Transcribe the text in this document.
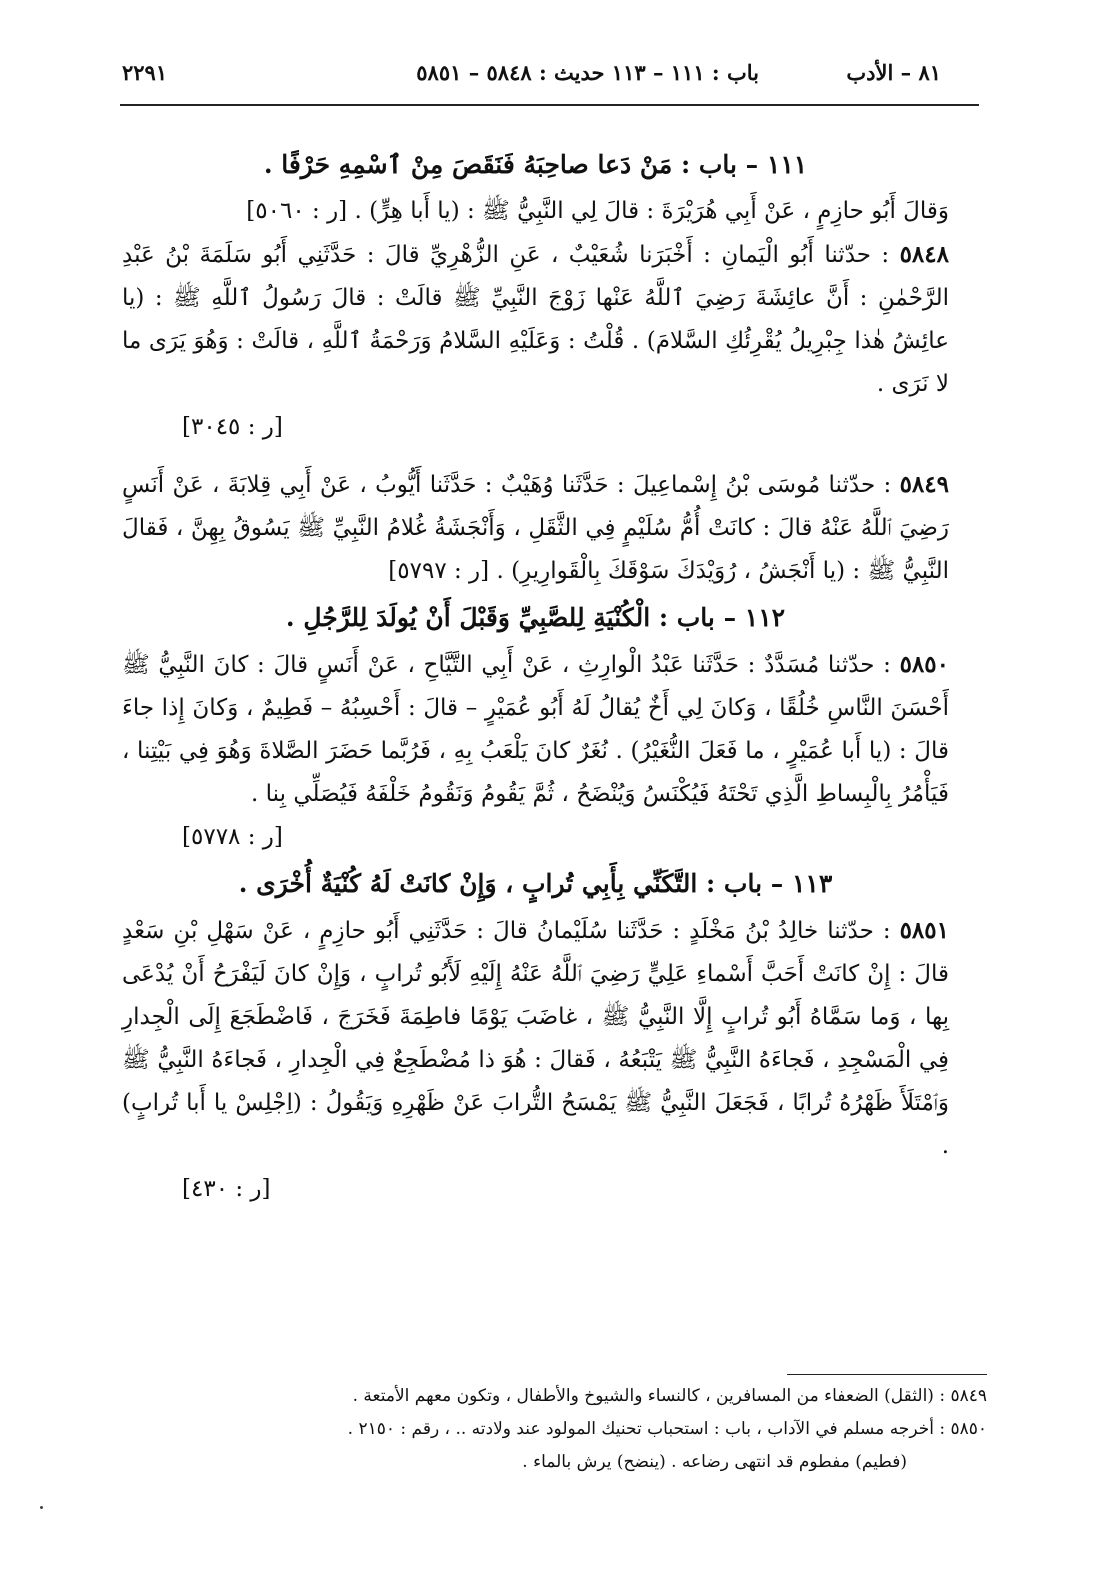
٨١ – الأدب
باب : ١١١ – ١١٣ حديث : ٥٨٤٨ – ٥٨٥١
٢٢٩١

١١١ – باب : مَنْ دَعا صاحِبَهُ فَنَقَصَ مِنْ ٱسْمِهِ حَرْفًا .

وَقالَ أَبُو حازِمٍ ، عَنْ أَبِي هُرَيْرَةَ : قالَ لِي النَّبِيُّ ﷺ : (يا أَبا هِرٍّ) . [ر : ٥٠٦٠]

٥٨٤٨ : حدّثنا أَبُو الْيَمانِ : أَخْبَرَنا شُعَيْبٌ ، عَنِ الزُّهْرِيِّ قالَ : حَدَّثَنِي أَبُو سَلَمَةَ بْنُ عَبْدِ الرَّحْمٰنِ : أَنَّ عائِشَةَ رَضِيَ ٱللَّهُ عَنْها زَوْجَ النَّبِيِّ ﷺ قالَتْ : قالَ رَسُولُ ٱللَّهِ ﷺ : (يا عائِشُ هٰذا جِبْرِيلُ يُقْرِئُكِ السَّلامَ) . قُلْتُ : وَعَلَيْهِ السَّلامُ وَرَحْمَةُ ٱللَّهِ ، قالَتْ : وَهُوَ يَرَى ما لا نَرَى .

[ر : ٣٠٤٥]

٥٨٤٩ : حدّثنا مُوسَى بْنُ إِسْماعِيلَ : حَدَّثَنا وُهَيْبٌ : حَدَّثَنا أَيُّوبُ ، عَنْ أَبِي قِلابَةَ ، عَنْ أَنَسٍ رَضِيَ ٱللَّهُ عَنْهُ قالَ : كانَتْ أُمُّ سُلَيْمٍ فِي الثَّقَلِ ، وَأَنْجَشَةُ غُلامُ النَّبِيِّ ﷺ يَسُوقُ بِهِنَّ ، فَقالَ النَّبِيُّ ﷺ : (يا أَنْجَشُ ، رُوَيْدَكَ سَوْقَكَ بِالْقَوارِيرِ) . [ر : ٥٧٩٧]

١١٢ – باب : الْكُنْيَةِ لِلصَّبِيِّ وَقَبْلَ أَنْ يُولَدَ لِلرَّجُلِ .

٥٨٥٠ : حدّثنا مُسَدَّدٌ : حَدَّثَنا عَبْدُ الْوارِثِ ، عَنْ أَبِي التَّيَّاحِ ، عَنْ أَنَسٍ قالَ : كانَ النَّبِيُّ ﷺ أَحْسَنَ النَّاسِ خُلُقًا ، وَكانَ لِي أَخٌ يُقالُ لَهُ أَبُو عُمَيْرٍ – قالَ : أَحْسِبُهُ – فَطِيمٌ ، وَكانَ إِذا جاءَ قالَ : (يا أَبا عُمَيْرٍ ، ما فَعَلَ النُّغَيْرُ) . نُغَرٌ كانَ يَلْعَبُ بِهِ ، فَرُبَّما حَضَرَ الصَّلاةَ وَهُوَ فِي بَيْتِنا ، فَيَأْمُرُ بِالْبِساطِ الَّذِي تَحْتَهُ فَيُكْنَسُ وَيُنْضَحُ ، ثُمَّ يَقُومُ وَنَقُومُ خَلْفَهُ فَيُصَلِّي بِنا .

[ر : ٥٧٧٨]

١١٣ – باب : التَّكَنِّي بِأَبِي تُرابٍ ، وَإِنْ كانَتْ لَهُ كُنْيَةٌ أُخْرَى .

٥٨٥١ : حدّثنا خالِدُ بْنُ مَخْلَدٍ : حَدَّثَنا سُلَيْمانُ قالَ : حَدَّثَنِي أَبُو حازِمٍ ، عَنْ سَهْلِ بْنِ سَعْدٍ قالَ : إِنْ كانَتْ أَحَبَّ أَسْماءِ عَلِيٍّ رَضِيَ ٱللَّهُ عَنْهُ إِلَيْهِ لَأَبُو تُرابٍ ، وَإِنْ كانَ لَيَفْرَحُ أَنْ يُدْعَى بِها ، وَما سَمَّاهُ أَبُو تُرابٍ إِلَّا النَّبِيُّ ﷺ ، غاضَبَ يَوْمًا فاطِمَةَ فَخَرَجَ ، فَاضْطَجَعَ إِلَى الْجِدارِ فِي الْمَسْجِدِ ، فَجاءَهُ النَّبِيُّ ﷺ يَتْبَعُهُ ، فَقالَ : هُوَ ذا مُضْطَجِعٌ فِي الْجِدارِ ، فَجاءَهُ النَّبِيُّ ﷺ وَٱمْتَلَأَ ظَهْرُهُ تُرابًا ، فَجَعَلَ النَّبِيُّ ﷺ يَمْسَحُ التُّرابَ عَنْ ظَهْرِهِ وَيَقُولُ : (اِجْلِسْ يا أَبا تُرابٍ) .

[ر : ٤٣٠]

٥٨٤٩ : (الثقل) الضعفاء من المسافرين ، كالنساء والشيوخ والأطفال ، وتكون معهم الأمتعة .

٥٨٥٠ : أخرجه مسلم في الآداب ، باب : استحباب تحنيك المولود عند ولادته .. ، رقم : ٢١٥٠ .

(فطيم) مفطوم قد انتهى رضاعه . (ينضح) يرش بالماء .
